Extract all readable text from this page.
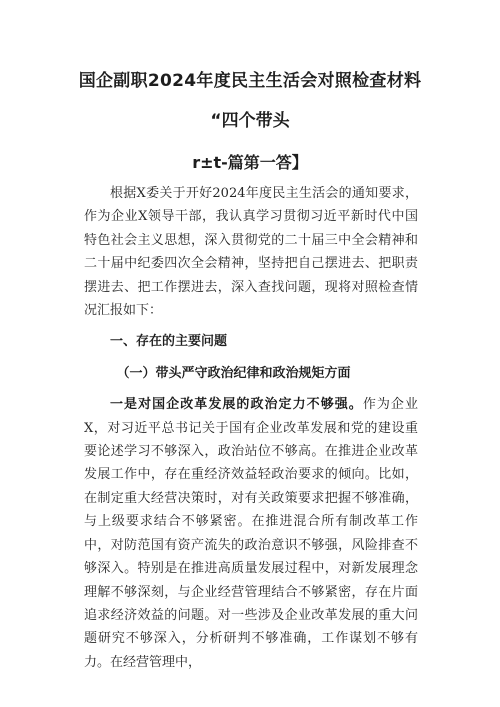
国企副职2024年度民主生活会对照检查材料
“四个带头
r±t-篇第一答】

根据X委关于开好2024年度民主生活会的通知要求，作为企业X领导干部，我认真学习贯彻习近平新时代中国特色社会主义思想，深入贯彻党的二十届三中全会精神和二十届中纪委四次全会精神，坚持把自己摆进去、把职责摆进去、把工作摆进去，深入查找问题，现将对照检查情况汇报如下：

一、存在的主要问题

（一）带头严守政治纪律和政治规矩方面

一是对国企改革发展的政治定力不够强。作为企业X，对习近平总书记关于国有企业改革发展和党的建设重要论述学习不够深入，政治站位不够高。在推进企业改革发展工作中，存在重经济效益轻政治要求的倾向。比如，在制定重大经营决策时，对有关政策要求把握不够准确，与上级要求结合不够紧密。在推进混合所有制改革工作中，对防范国有资产流失的政治意识不够强，风险排查不够深入。特别是在推进高质量发展过程中，对新发展理念理解不够深刻，与企业经营管理结合不够紧密，存在片面追求经济效益的问题。对一些涉及企业改革发展的重大问题研究不够深入，分析研判不够准确，工作谋划不够有力。在经营管理中，
